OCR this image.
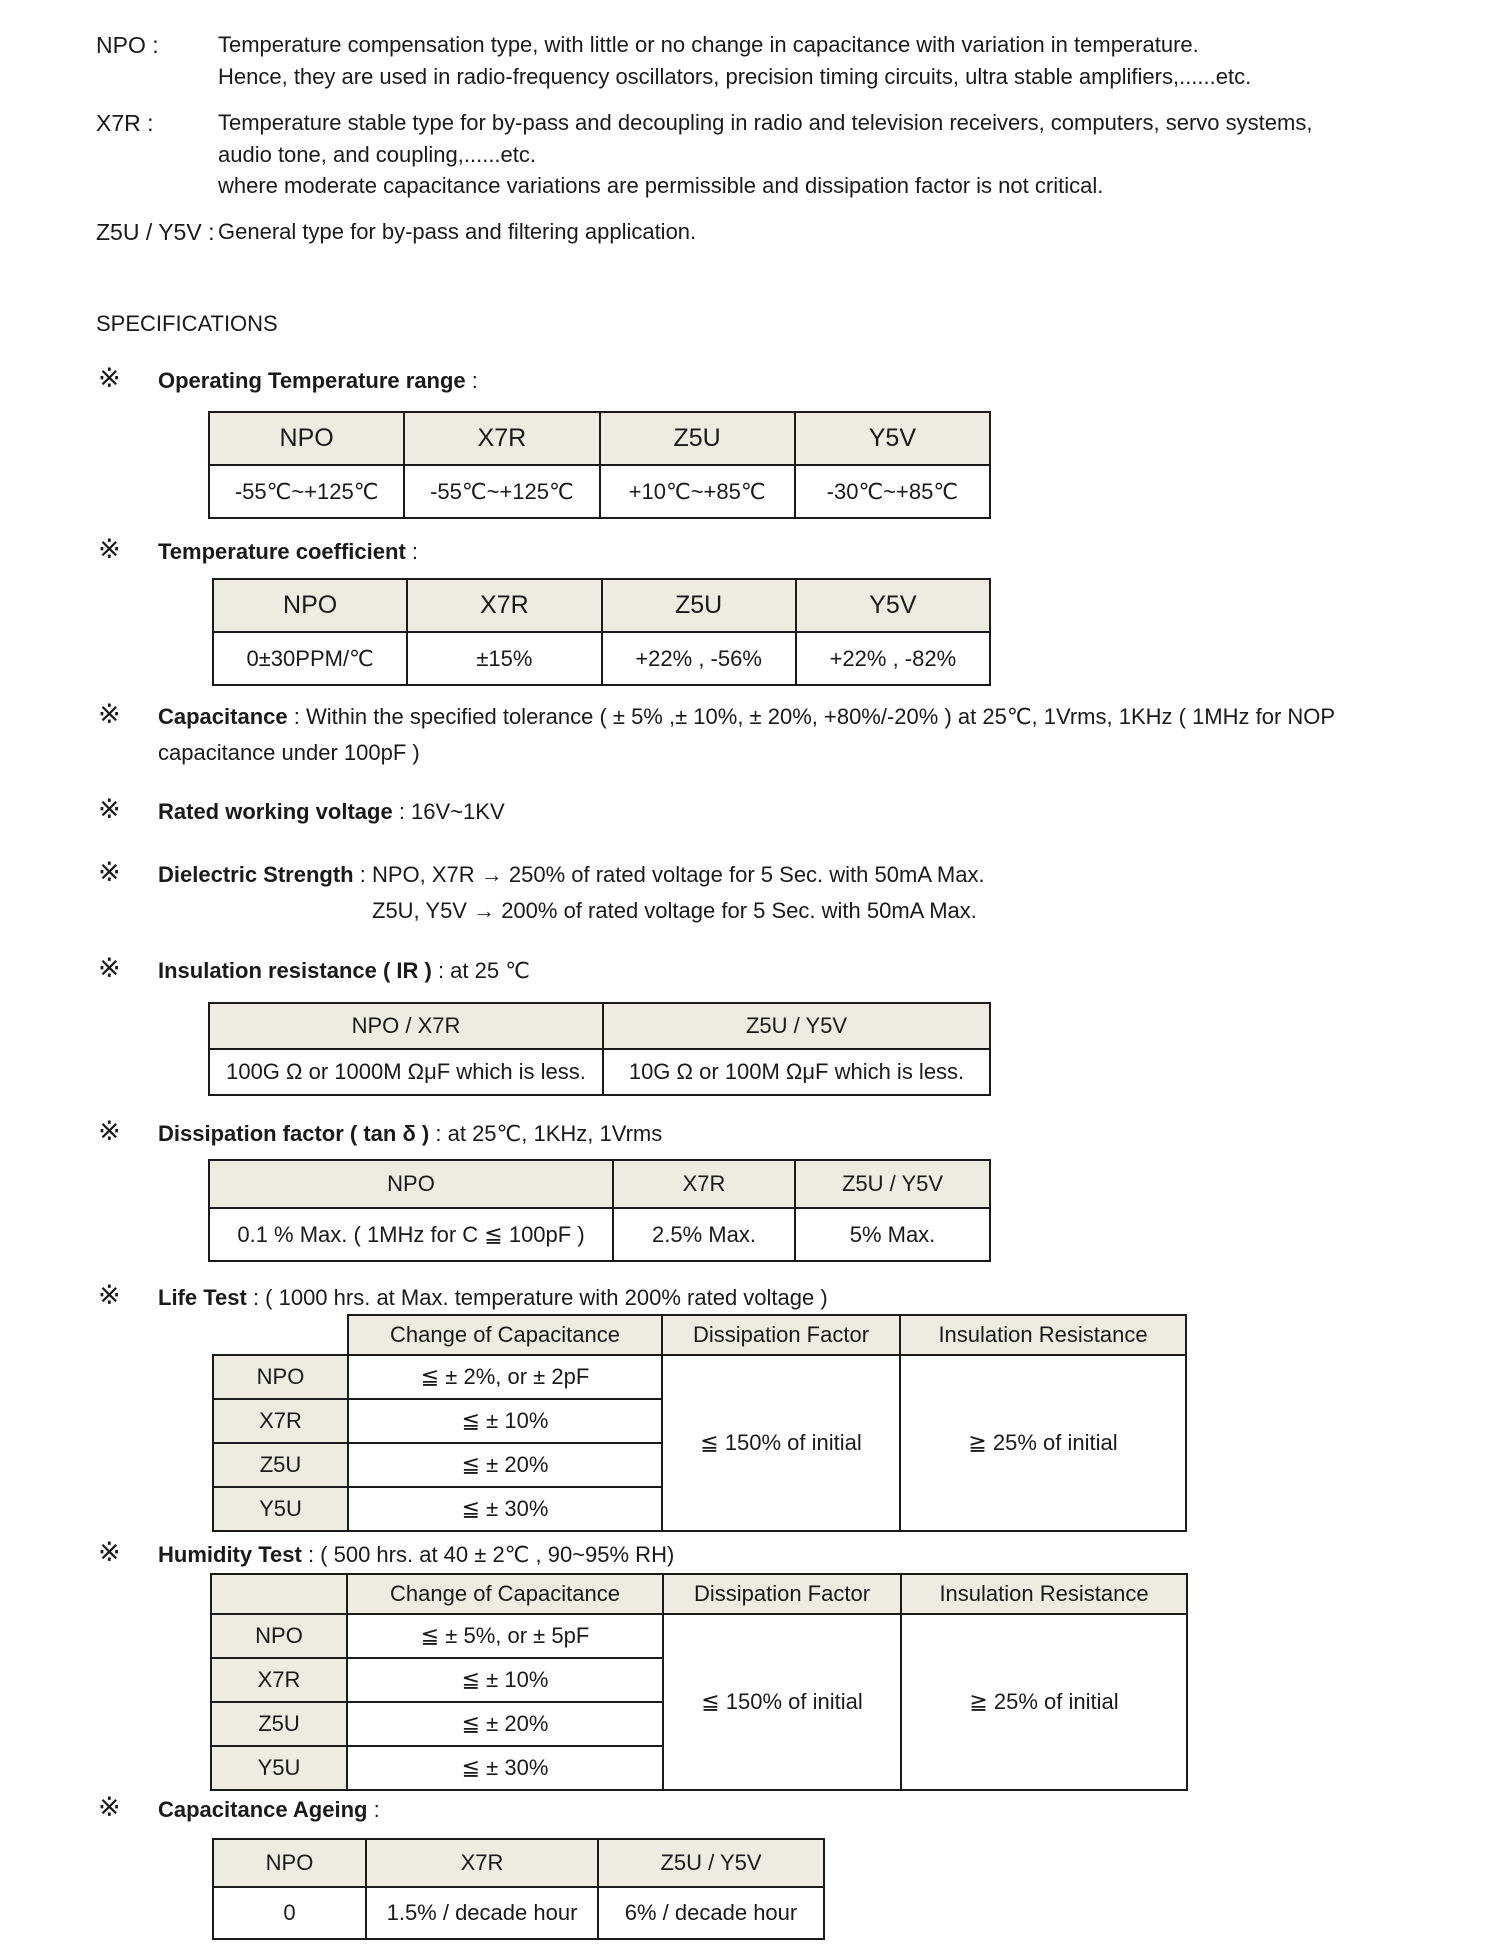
NPO :	Temperature compensation type, with little or no change in capacitance with variation in temperature.
Hence, they are used in radio-frequency oscillators, precision timing circuits, ultra stable amplifiers,......etc.
X7R :	Temperature stable type for by-pass and decoupling in radio and television receivers, computers, servo systems,
audio tone, and coupling,......etc.
where moderate capacitance variations are permissible and dissipation factor is not critical.
Z5U / Y5V : General type for by-pass and filtering application.
SPECIFICATIONS
※ Operating Temperature range :
NPO	X7R	Z5U	Y5V
-55℃~+125℃	-55℃~+125℃	+10℃~+85℃	-30℃~+85℃
※ Temperature coefficient :
NPO	X7R	Z5U	Y5V
0±30PPM/℃	±15%	+22% , -56%	+22% , -82%
※ Capacitance : Within the specified tolerance ( ± 5% ,± 10%, ± 20%, +80%/-20% ) at 25℃, 1Vrms, 1KHz ( 1MHz for NOP
capacitance under 100pF )
※ Rated working voltage : 16V~1KV
※ Dielectric Strength : NPO, X7R → 250% of rated voltage for 5 Sec. with 50mA Max.
Z5U, Y5V → 200% of rated voltage for 5 Sec. with 50mA Max.
※ Insulation resistance ( IR ) : at 25 ℃
NPO / X7R	Z5U / Y5V
100G Ω or 1000M ΩμF which is less.	10G Ω or 100M ΩμF which is less.
※ Dissipation factor ( tan δ ) : at 25℃, 1KHz, 1Vrms
NPO	X7R	Z5U / Y5V
0.1 % Max. ( 1MHz for C ≦ 100pF )	2.5% Max.	5% Max.
※ Life Test : ( 1000 hrs. at Max. temperature with 200% rated voltage )
	Change of Capacitance	Dissipation Factor	Insulation Resistance
NPO	≦ ± 2%, or ± 2pF	≦ 150% of initial	≧ 25% of initial
X7R	≦ ± 10%		
Z5U	≦ ± 20%		
Y5U	≦ ± 30%		
※ Humidity Test : ( 500 hrs. at 40 ± 2℃ , 90~95% RH)
	Change of Capacitance	Dissipation Factor	Insulation Resistance
NPO	≦ ± 5%, or ± 5pF	≦ 150% of initial	≧ 25% of initial
X7R	≦ ± 10%		
Z5U	≦ ± 20%		
Y5U	≦ ± 30%		
※ Capacitance Ageing :
NPO	X7R	Z5U / Y5V
0	1.5% / decade hour	6% / decade hour
